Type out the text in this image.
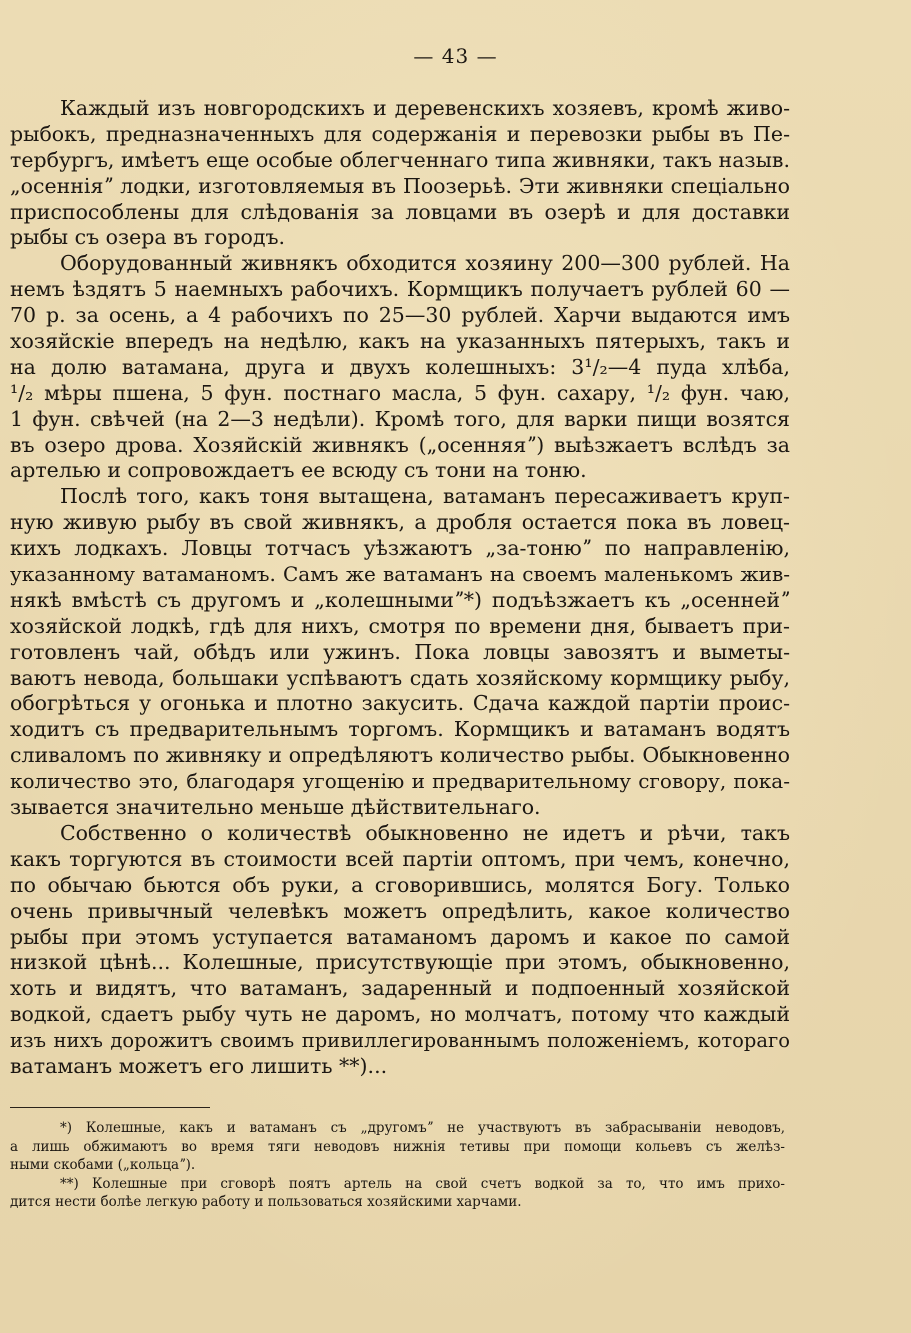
— 43 —
Каждый изъ новгородскихъ и деревенскихъ хозяевъ, кромѣ живо-
рыбокъ, предназначенныхъ для содержанія и перевозки рыбы въ Пе-
тербургъ, имѣетъ еще особые облегченнаго типа живняки, такъ назыв.
„осенніяˮ лодки, изготовляемыя въ Поозерьѣ. Эти живняки спеціально
приспособлены для слѣдованія за ловцами въ озерѣ и для доставки
рыбы съ озера въ городъ.
Оборудованный живнякъ обходится хозяину 200—300 рублей. На
немъ ѣздятъ 5 наемныхъ рабочихъ. Кормщикъ получаетъ рублей 60 —
70 р. за осень, а 4 рабочихъ по 25—30 рублей. Харчи выдаются имъ
хозяйскіе впередъ на недѣлю, какъ на указанныхъ пятерыхъ, такъ и
на долю ватамана, друга и двухъ колешныхъ: 3¹/₂—4 пуда хлѣба,
¹/₂ мѣры пшена, 5 фун. постнаго масла, 5 фун. сахару, ¹/₂ фун. чаю,
1 фун. свѣчей (на 2—3 недѣли). Кромѣ того, для варки пищи возятся
въ озеро дрова. Хозяйскій живнякъ („осенняяˮ) выѣзжаетъ вслѣдъ за
артелью и сопровождаетъ ее всюду съ тони на тоню.
Послѣ того, какъ тоня вытащена, ватаманъ пересаживаетъ круп-
ную живую рыбу въ свой живнякъ, а дробля остается пока въ ловец-
кихъ лодкахъ. Ловцы тотчасъ уѣзжаютъ „за-тонюˮ по направленію,
указанному ватаманомъ. Самъ же ватаманъ на своемъ маленькомъ жив-
някѣ вмѣстѣ съ другомъ и „колешнымиˮ*) подъѣзжаетъ къ „осеннейˮ
хозяйской лодкѣ, гдѣ для нихъ, смотря по времени дня, бываетъ при-
готовленъ чай, обѣдъ или ужинъ. Пока ловцы завозятъ и выметы-
ваютъ невода, большаки успѣваютъ сдать хозяйскому кормщику рыбу,
обогрѣться у огонька и плотно закусить. Сдача каждой партіи проис-
ходитъ съ предварительнымъ торгомъ. Кормщикъ и ватаманъ водятъ
сливаломъ по живняку и опредѣляютъ количество рыбы. Обыкновенно
количество это, благодаря угощенію и предварительному сговору, пока-
зывается значительно меньше дѣйствительнаго.
Собственно о количествѣ обыкновенно не идетъ и рѣчи, такъ
какъ торгуются въ стоимости всей партіи оптомъ, при чемъ, конечно,
по обычаю бьются объ руки, а сговорившись, молятся Богу. Только
очень привычный челевѣкъ можетъ опредѣлить, какое количество
рыбы при этомъ уступается ватаманомъ даромъ и какое по самой
низкой цѣнѣ... Колешные, присутствующіе при этомъ, обыкновенно,
хоть и видятъ, что ватаманъ, задаренный и подпоенный хозяйской
водкой, сдаетъ рыбу чуть не даромъ, но молчатъ, потому что каждый
изъ нихъ дорожитъ своимъ привиллегированнымъ положеніемъ, котораго
ватаманъ можетъ его лишить **)...
*) Колешные, какъ и ватаманъ съ „другомъˮ не участвуютъ въ забрасываніи неводовъ,
а лишь обжимаютъ во время тяги неводовъ нижнія тетивы при помощи кольевъ съ желѣз-
ными скобами („кольцаˮ).
**) Колешные при сговорѣ поятъ артель на свой счетъ водкой за то, что имъ прихо-
дится нести болѣе легкую работу и пользоваться хозяйскими харчами.
